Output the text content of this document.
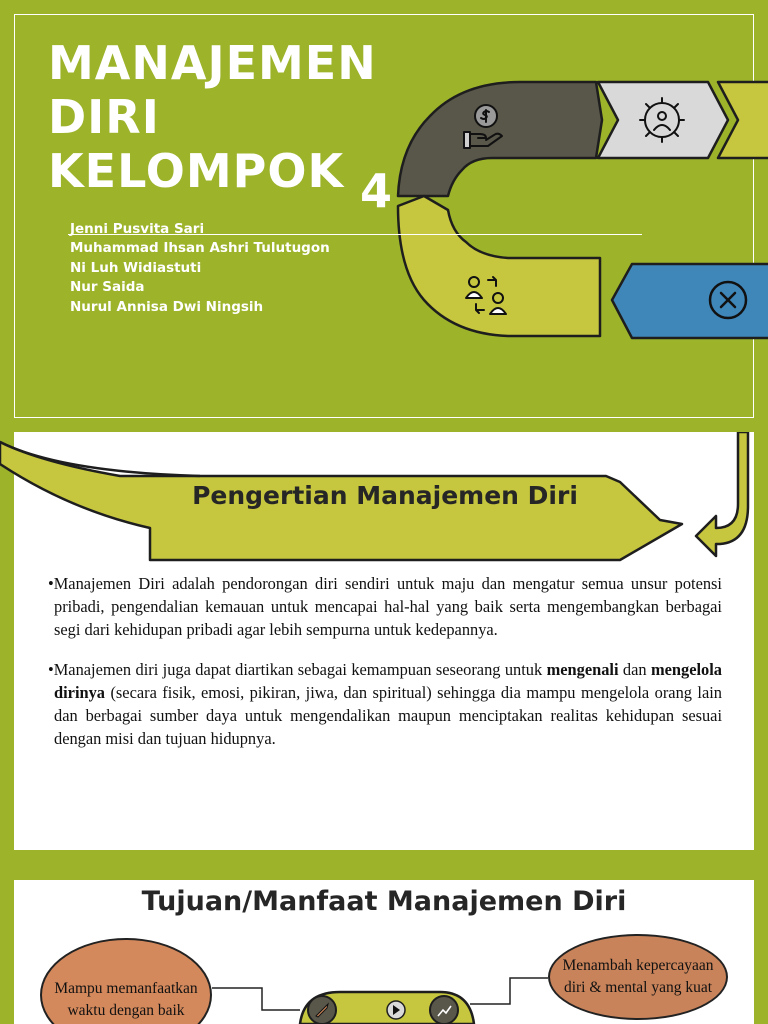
MANAJEMEN
DIRI
KELOMPOK 4
Jenni Pusvita Sari
Muhammad Ihsan Ashri Tulutugon
Ni Luh Widiastuti
Nur Saida
Nurul Annisa Dwi Ningsih
Pengertian Manajemen Diri

•Manajemen Diri adalah pendorongan diri sendiri untuk maju dan mengatur semua unsur potensi pribadi, pengendalian kemauan untuk mencapai hal-hal yang baik serta mengembangkan berbagai segi dari kehidupan pribadi agar lebih sempurna untuk kedepannya.

•Manajemen diri juga dapat diartikan sebagai kemampuan seseorang untuk mengenali dan mengelola dirinya (secara fisik, emosi, pikiran, jiwa, dan spiritual) sehingga dia mampu mengelola orang lain dan berbagai sumber daya untuk mengendalikan maupun menciptakan realitas kehidupan sesuai dengan misi dan tujuan hidupnya.

Tujuan/Manfaat Manajemen Diri
Mampu memanfaatkan waktu dengan baik
Menambah kepercayaan diri & mental yang kuat
